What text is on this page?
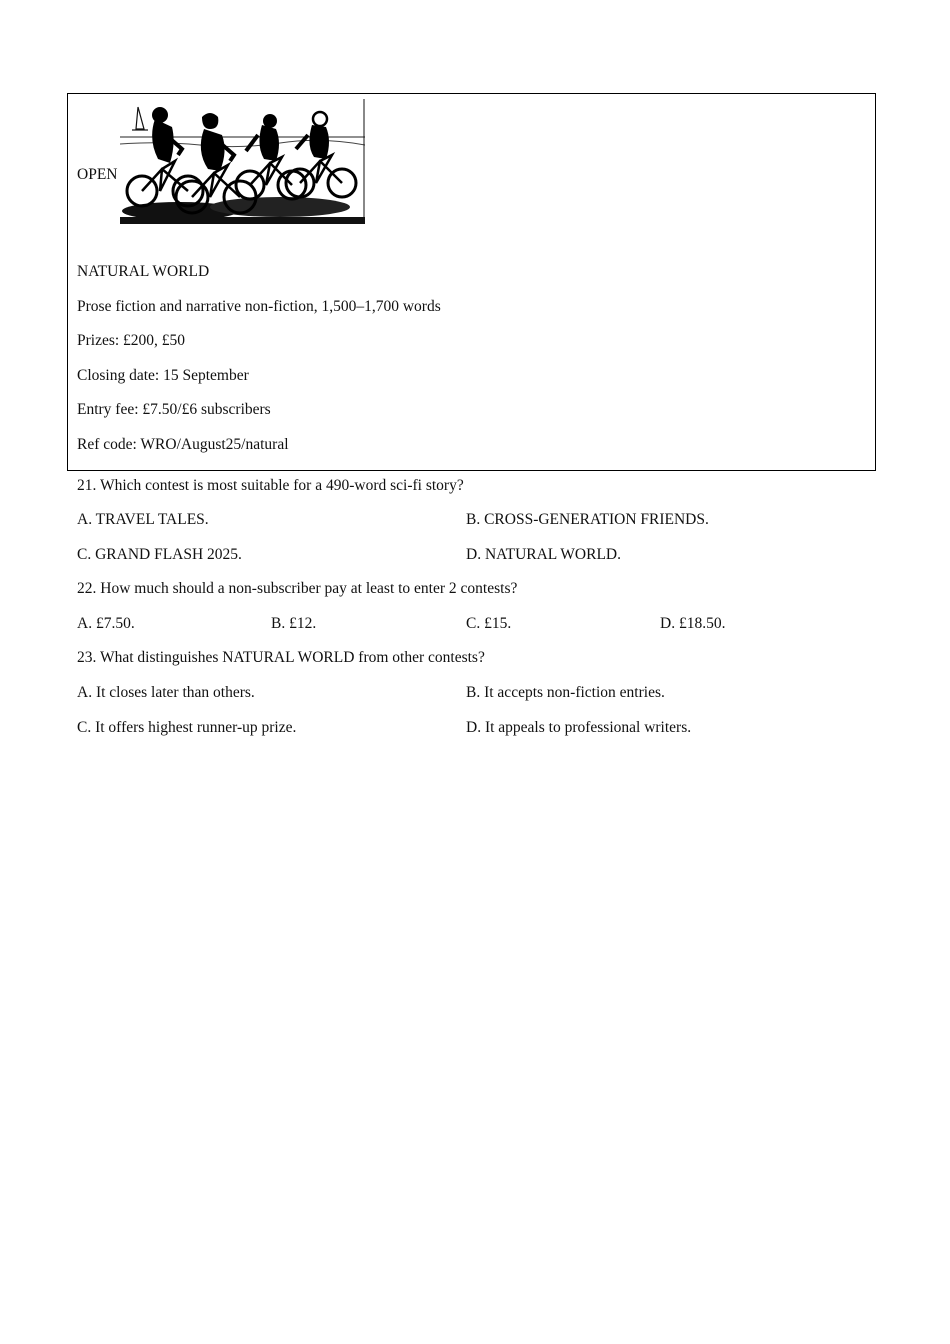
OPEN
NATURAL WORLD
Prose fiction and narrative non-fiction, 1,500–1,700 words
Prizes: £200, £50
Closing date: 15 September
Entry fee: £7.50/£6 subscribers
Ref code: WRO/August25/natural
21. Which contest is most suitable for a 490-word sci-fi story?
A. TRAVEL TALES.	B. CROSS-GENERATION FRIENDS.
C. GRAND FLASH 2025.	D. NATURAL WORLD.
22. How much should a non-subscriber pay at least to enter 2 contests?
A. £7.50.	B. £12.	C. £15.	D. £18.50.
23. What distinguishes NATURAL WORLD from other contests?
A. It closes later than others.	B. It accepts non-fiction entries.
C. It offers highest runner-up prize.	D. It appeals to professional writers.
